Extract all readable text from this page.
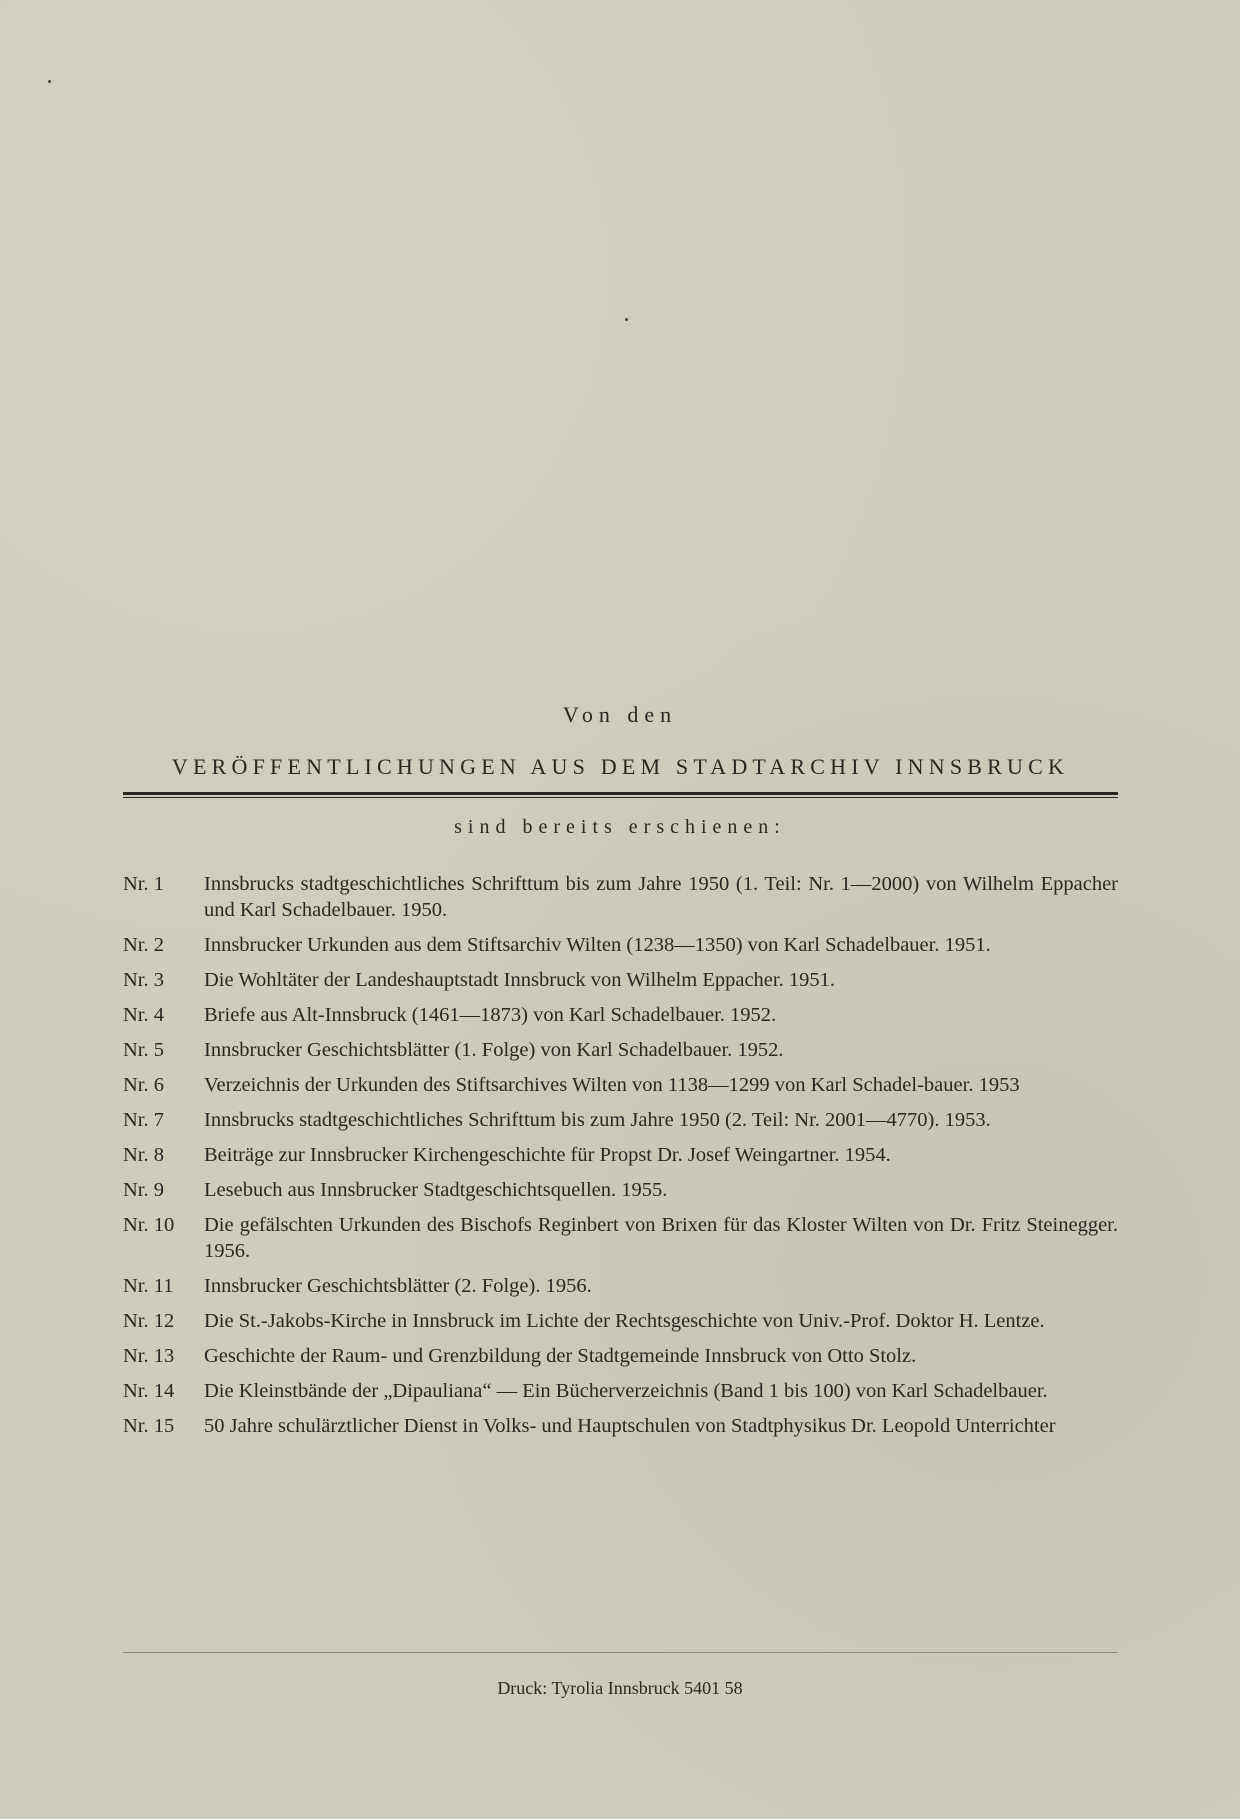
Von den
VERÖFFENTLICHUNGEN AUS DEM STADTARCHIV INNSBRUCK
sind bereits erschienen:
Nr. 1	Innsbrucks stadtgeschichtliches Schrifttum bis zum Jahre 1950 (1. Teil: Nr. 1—2000) von Wilhelm Eppacher und Karl Schadelbauer. 1950.
Nr. 2	Innsbrucker Urkunden aus dem Stiftsarchiv Wilten (1238—1350) von Karl Schadelbauer. 1951.
Nr. 3	Die Wohltäter der Landeshauptstadt Innsbruck von Wilhelm Eppacher. 1951.
Nr. 4	Briefe aus Alt-Innsbruck (1461—1873) von Karl Schadelbauer. 1952.
Nr. 5	Innsbrucker Geschichtsblätter (1. Folge) von Karl Schadelbauer. 1952.
Nr. 6	Verzeichnis der Urkunden des Stiftsarchives Wilten von 1138—1299 von Karl Schadel-bauer. 1953
Nr. 7	Innsbrucks stadtgeschichtliches Schrifttum bis zum Jahre 1950 (2. Teil: Nr. 2001—4770). 1953.
Nr. 8	Beiträge zur Innsbrucker Kirchengeschichte für Propst Dr. Josef Weingartner. 1954.
Nr. 9	Lesebuch aus Innsbrucker Stadtgeschichtsquellen. 1955.
Nr. 10	Die gefälschten Urkunden des Bischofs Reginbert von Brixen für das Kloster Wilten von Dr. Fritz Steinegger. 1956.
Nr. 11	Innsbrucker Geschichtsblätter (2. Folge). 1956.
Nr. 12	Die St.-Jakobs-Kirche in Innsbruck im Lichte der Rechtsgeschichte von Univ.-Prof. Doktor H. Lentze.
Nr. 13	Geschichte der Raum- und Grenzbildung der Stadtgemeinde Innsbruck von Otto Stolz.
Nr. 14	Die Kleinstbände der „Dipauliana“ — Ein Bücherverzeichnis (Band 1 bis 100) von Karl Schadelbauer.
Nr. 15	50 Jahre schulärztlicher Dienst in Volks- und Hauptschulen von Stadtphysikus Dr. Leopold Unterrichter
Druck: Tyrolia Innsbruck 5401 58
